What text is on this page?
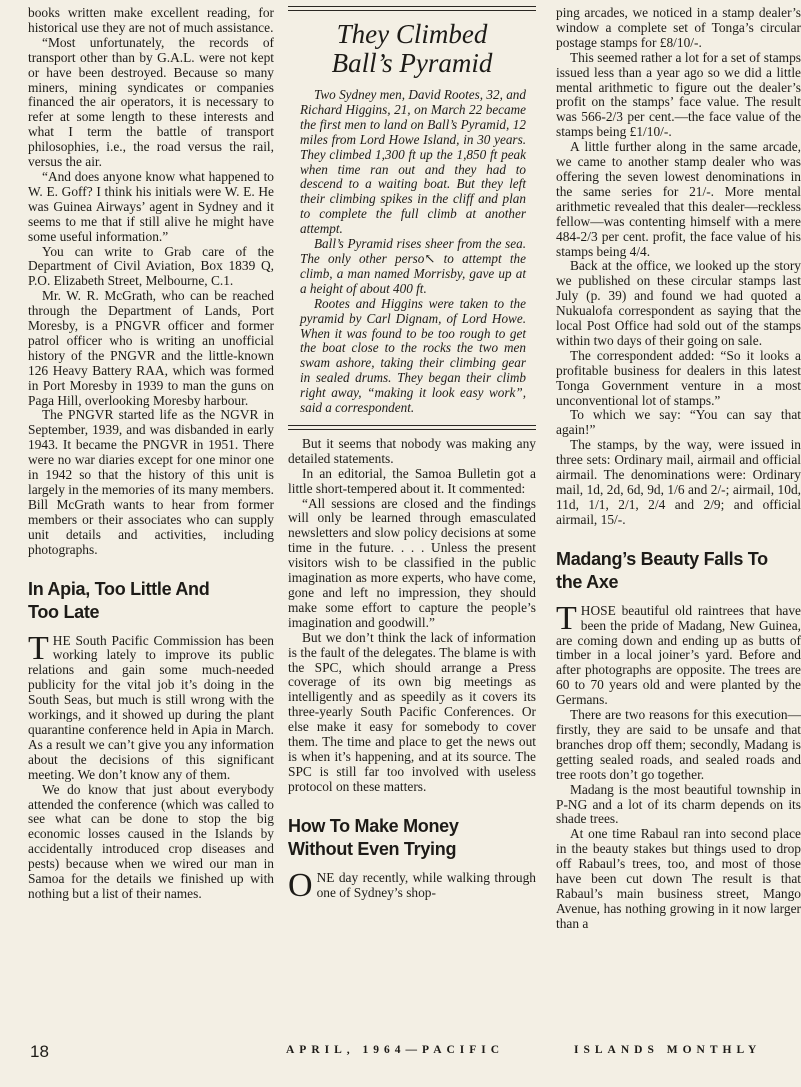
books written make excellent reading, for historical use they are not of much assistance.

“Most unfortunately, the records of transport other than by G.A.L. were not kept or have been destroyed. Because so many miners, mining syndicates or companies financed the air operators, it is necessary to refer at some length to these interests and what I term the battle of transport philosophies, i.e., the road versus the rail, versus the air.

“And does anyone know what happened to W. E. Goff? I think his initials were W. E. He was Guinea Airways’ agent in Sydney and it seems to me that if still alive he might have some useful information.”

You can write to Grab care of the Department of Civil Aviation, Box 1839 Q, P.O. Elizabeth Street, Melbourne, C.1.

Mr. W. R. McGrath, who can be reached through the Department of Lands, Port Moresby, is a PNGVR officer and former patrol officer who is writing an unofficial history of the PNGVR and the little-known 126 Heavy Battery RAA, which was formed in Port Moresby in 1939 to man the guns on Paga Hill, overlooking Moresby harbour.

The PNGVR started life as the NGVR in September, 1939, and was disbanded in early 1943. It became the PNGVR in 1951. There were no war diaries except for one minor one in 1942 so that the history of this unit is largely in the memories of its many members. Bill McGrath wants to hear from former members or their associates who can supply unit details and activities, including photographs.

In Apia, Too Little And Too Late

THE South Pacific Commission has been working lately to improve its public relations and gain some much-needed publicity for the vital job it’s doing in the South Seas, but much is still wrong with the workings, and it showed up during the plant quarantine conference held in Apia in March. As a result we can’t give you any information about the decisions of this significant meeting. We don’t know any of them.

We do know that just about everybody attended the conference (which was called to see what can be done to stop the big economic losses caused in the Islands by accidentally introduced crop diseases and pests) because when we wired our man in Samoa for the details we finished up with nothing but a list of their names.

They Climbed Ball’s Pyramid

Two Sydney men, David Rootes, 32, and Richard Higgins, 21, on March 22 became the first men to land on Ball’s Pyramid, 12 miles from Lord Howe Island, in 30 years. They climbed 1,300 ft up the 1,850 ft peak when time ran out and they had to descend to a waiting boat. But they left their climbing spikes in the cliff and plan to complete the full climb at another attempt.

Ball’s Pyramid rises sheer from the sea. The only other perso↖ to attempt the climb, a man named Morrisby, gave up at a height of about 400 ft.

Rootes and Higgins were taken to the pyramid by Carl Dignam, of Lord Howe. When it was found to be too rough to get the boat close to the rocks the two men swam ashore, taking their climbing gear in sealed drums. They began their climb right away, “making it look easy work”, said a correspondent.

But it seems that nobody was making any detailed statements.

In an editorial, the Samoa Bulletin got a little short-tempered about it. It commented:

“All sessions are closed and the findings will only be learned through emasculated newsletters and slow policy decisions at some time in the future. . . . Unless the present visitors wish to be classified in the public imagination as more experts, who have come, gone and left no impression, they should make some effort to capture the people’s imagination and goodwill.”

But we don’t think the lack of information is the fault of the delegates. The blame is with the SPC, which should arrange a Press coverage of its own big meetings as intelligently and as speedily as it covers its three-yearly South Pacific Conferences. Or else make it easy for somebody to cover them. The time and place to get the news out is when it’s happening, and at its source. The SPC is still far too involved with useless protocol on these matters.

How To Make Money Without Even Trying

ONE day recently, while walking through one of Sydney’s shop-

ping arcades, we noticed in a stamp dealer’s window a complete set of Tonga’s circular postage stamps for £8/10/-.

This seemed rather a lot for a set of stamps issued less than a year ago so we did a little mental arithmetic to figure out the dealer’s profit on the stamps’ face value. The result was 566-2/3 per cent.—the face value of the stamps being £1/10/-.

A little further along in the same arcade, we came to another stamp dealer who was offering the seven lowest denominations in the same series for 21/-. More mental arithmetic revealed that this dealer—reckless fellow—was contenting himself with a mere 484-2/3 per cent. profit, the face value of his stamps being 4/4.

Back at the office, we looked up the story we published on these circular stamps last July (p. 39) and found we had quoted a Nukualofa correspondent as saying that the local Post Office had sold out of the stamps within two days of their going on sale.

The correspondent added: “So it looks a profitable business for dealers in this latest Tonga Government venture in a most unconventional lot of stamps.”

To which we say: “You can say that again!”

The stamps, by the way, were issued in three sets: Ordinary mail, airmail and official airmail. The denominations were: Ordinary mail, 1d, 2d, 6d, 9d, 1/6 and 2/-; airmail, 10d, 11d, 1/1, 2/1, 2/4 and 2/9; and official airmail, 15/-.

Madang’s Beauty Falls To the Axe

THOSE beautiful old raintrees that have been the pride of Madang, New Guinea, are coming down and ending up as butts of timber in a local joiner’s yard. Before and after photographs are opposite. The trees are 60 to 70 years old and were planted by the Germans.

There are two reasons for this execution—firstly, they are said to be unsafe and that branches drop off them; secondly, Madang is getting sealed roads, and sealed roads and tree roots don’t go together.

Madang is the most beautiful township in P-NG and a lot of its charm depends on its shade trees.

At one time Rabaul ran into second place in the beauty stakes but things used to drop off Rabaul’s trees, too, and most of those have been cut down The result is that Rabaul’s main business street, Mango Avenue, has nothing growing in it now larger than a

18	APRIL, 1964—PACIFIC	ISLANDS MONTHLY
